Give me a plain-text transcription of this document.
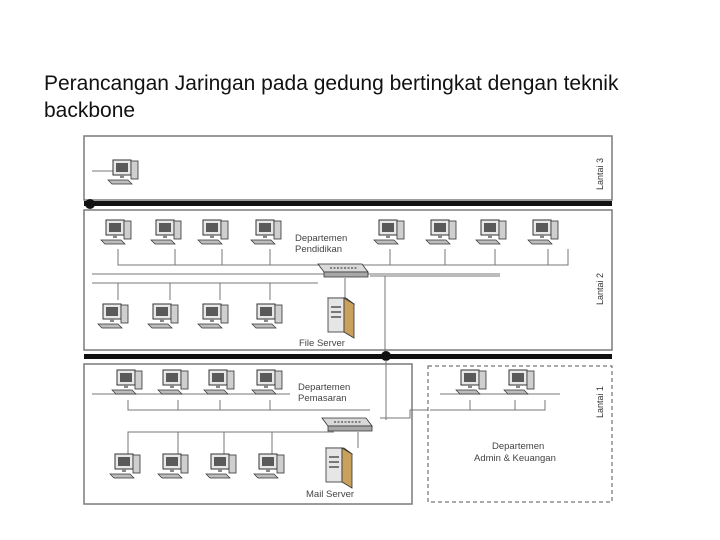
Perancangan Jaringan pada gedung bertingkat dengan teknik backbone
Lantai 3
Departemen
Pendidikan
File Server
Lantai 2
Departemen
Pemasaran
Mail Server
Departemen
Admin & Keuangan
Lantai 1
